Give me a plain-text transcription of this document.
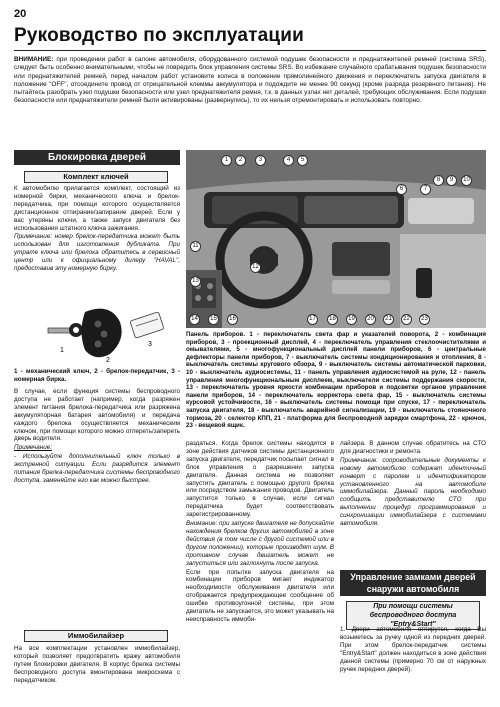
20
Руководство по эксплуатации
ВНИМАНИЕ: при проведении работ в салоне автомобиля, оборудованного системой подушек безопасности и преднатяжителей ремней (система SRS), следует быть особенно внимательными, чтобы не повредить блок управления системы SRS. Во избежание случайного срабатывания подушек безопасности или преднатяжителей ремней, перед началом работ установите колеса в положение прямолинейного движения и переключатель запуска двигателя в положение "OFF", отсоедините провод от отрицательной клеммы аккумулятора и подождите не менее 90 секунд (кроме разряда резервного питания). Не пытайтесь разобрать узел подушки безопасности или узел преднатяжителя ремня, т.к. в данных узлах нет деталей, требующих обслуживания. Если подушки безопасности или преднатяжители ремней были активированы (развернулись), то их нельзя отремонтировать и использовать повторно.
Блокировка дверей
Комплект ключей

К автомобилю прилагается комплект, состоящий из номерной бирки, механического ключа и брелок-передатчика, при помощи которого осуществляется дистанционное отпирание/запирание дверей. Если у вас утеряны ключи, а также запуск двигателя без использования штатного ключа зажигания.

Примечание: номер брелок-передатчика может быть использован для изготовления дубликата. При утрате ключа или брелока обратитесь в сервисный центр или к официальному дилеру "HAVAL", предоставив эту номерную бирку.

1
2
3
1 - механический ключ, 2 - брелок-передатчик, 3 - номерная бирка.

В случае, если функция системы беспроводного доступа не работает (например, когда разряжен элемент питания брелока-передатчика или разряжена аккумуляторная батарея автомобиля) и передача каждого брелока осуществляется механическим ключом, при помощи которого можно отпереть/запереть дверь водителя.

Примечание:

- Используйте дополнительный ключ только в экстренной ситуации. Если разрядится элемент питания брелка-передатчика системы беспроводного доступа, заменяйте его как можно быстрее.

Иммобилайзер
На все комплектации установлен иммобилайзер, который позволяет предотвратить кражу автомобиля путем блокировки двигателя. В корпус брелка системы беспроводного доступа вмонтирована микросхема с передатчиком.
1	2	3	4	5
6	7
8	9	10
11
12
13
14	15	16	17	18	19	20	21	22	23
Панель приборов. 1 - переключатель света фар и указателей поворота, 2 - комбинация приборов, 3 - проекционный дисплей, 4 - переключатель управления стеклоочистителями и омывателями, 5 - многофункциональный дисплей панели приборов, 6 - центральные дефлекторы панели приборов, 7 - выключатель системы кондиционирования и отопления, 8 - выключатель системы кругового обзора, 9 - выключатель системы автоматической парковки, 10 - выключатель аудиосистемы, 11 - панель управления аудиосистемой на руле, 12 - панель управления многофункциональным дисплеем, выключатели системы поддержания скорости, 13 - переключатель уровня яркости комбинации приборов и подсветки органов управления панели приборов, 14 - переключатель корректора света фар, 15 - выключатель системы курсовой устойчивости, 16 - выключатель системы помощи при спуске, 17 - переключатель запуска двигателя, 18 - выключатель аварийной сигнализации, 19 - выключатель стояночного тормоза, 20 - селектор КПП, 21 - платформа для беспроводной зарядки смартфона, 22 - крючок, 23 - вещевой ящик.

раздаться. Когда брелок системы находится в зоне действия датчиков системы дистанционного запуска двигателя, передатчик посылает сигнал в блок управления о разрешении запуска двигателя. Данная система не позволяет запустить двигатель с помощью другого брелка или посредством замыкания проводов. Двигатель запустится только в случае, если сигнал передатчика будет соответствовать зарегистрированному.

Внимание: при запуске двигателя не допускайте нахождения брелков других автомобилей в зоне действия (в том числе с другой системой или в другом положении), которые производят шум. В противном случае двигатель может не запуститься или заглохнуть после запуска.

Если при попытке запуска двигателя на комбинации приборов мигает индикатор необходимости обслуживания двигателя или отображается предупреждающее сообщение об ошибке противоугонной системы, при этом двигатель не запускается, это может указывать на неисправность иммоби-

лайзера. В данном случае обратитесь на СТО для диагностики и ремонта.

Примечание: сопроводительные документы к новому автомобилю содержат идентичный конверт с паролем и идентификатором установленного на автомобиле иммобилайзера. Данный пароль необходимо сообщить представителю СТО при выполнении процедур программирования и синхронизации иммобилайзера с системами автомобиля.

Управление замками дверей снаружи автомобиля
При помощи системы беспроводного доступа "Entry&Start"
1. Двери автомобиля отпирутся, когда Вы возьметесь за ручку одной из передних дверей. При этом брелок-передатчик системы "Entry&Start" должен находиться в зоне действия данной системы (примерно 70 см от наружных ручек передних дверей).
